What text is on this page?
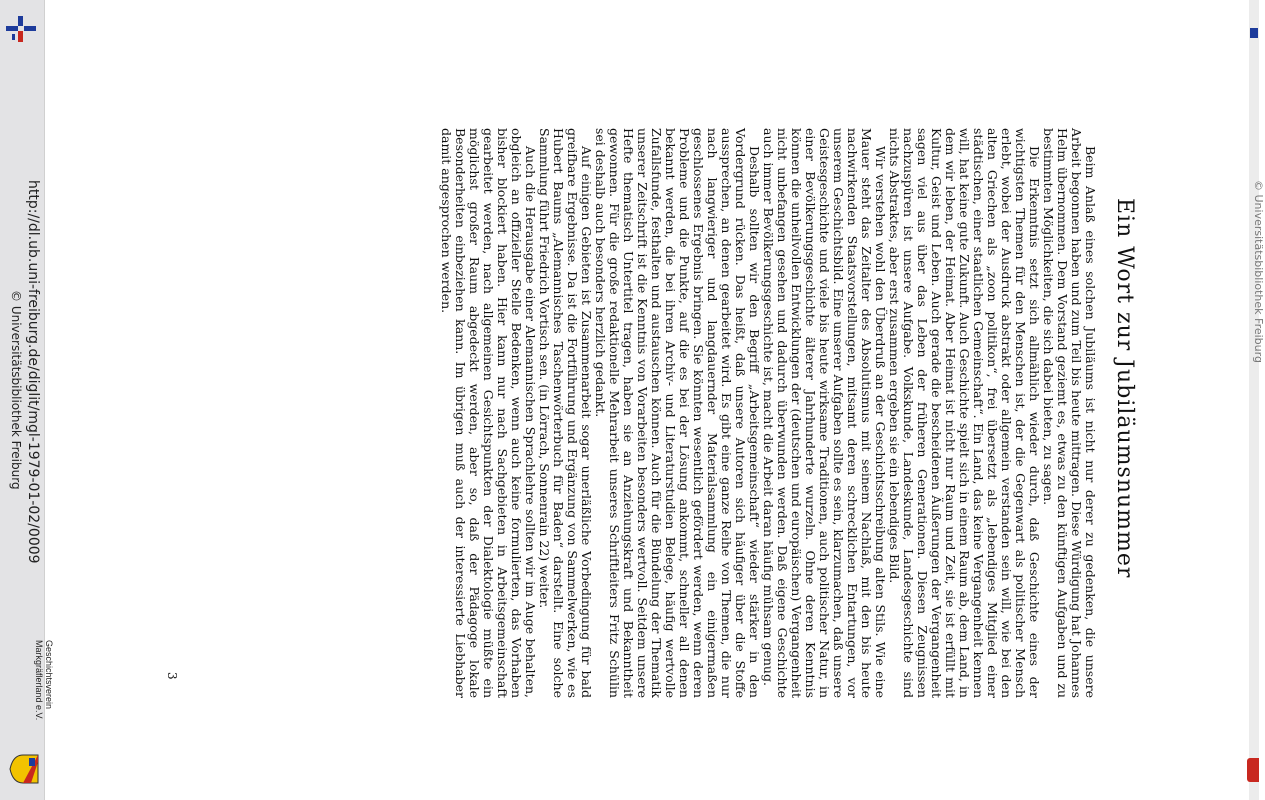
© Universitätsbibliothek Freiburg
Ein Wort zur Jubiläumsnummer

Beim Anlaß eines solchen Jubiläums ist nicht nur derer zu gedenken, die unsere Arbeit begonnen haben und zum Teil bis heute mittragen. Diese Würdigung hat Johannes Helm übernommen. Dem Vorstand geziemt es, etwas zu den künftigen Aufgaben und zu bestimmten Möglichkeiten, die sich dabei bieten, zu sagen.

Die Erkenntnis setzt sich allmählich wieder durch, daß Geschichte eines der wichtigsten Themen für den Menschen ist, der die Gegenwart als politischer Mensch erlebt, wobei der Ausdruck abstrakt oder allgemein verstanden sein will, wie bei den alten Griechen als „zoon politikon“, frei übersetzt als „lebendiges Mitglied einer städtischen, einer staatlichen Gemeinschaft“. Ein Land, das keine Vergangenheit kennen will, hat keine gute Zukunft. Auch Geschichte spielt sich in einem Raum ab, dem Land, in dem wir leben, der Heimat. Aber Heimat ist nicht nur Raum und Zeit, sie ist erfüllt mit Kultur, Geist und Leben. Auch gerade die bescheidenen Äußerungen der Vergangenheit sagen viel aus über das Leben der früheren Generationen. Diesen Zeugnissen nachzuspüren ist unsere Aufgabe. Volkskunde, Landeskunde, Landesgeschichte sind nichts Abstraktes, aber erst zusammen ergeben sie ein lebendiges Bild.

Wir verstehen wohl den Überdruß an der Geschichtsschreibung alten Stils. Wie eine Mauer steht das Zeitalter des Absolutismus mit seinem Nachlaß, mit den bis heute nachwirkenden Staatsvorstellungen, mitsamt deren schrecklichen Entartungen, vor unserem Geschichtsbild. Eine unserer Aufgaben sollte es sein, klarzumachen, daß unsere Geistesgeschichte und viele bis heute wirksame Traditionen, auch politischer Natur, in einer Bevölkerungsgeschichte älterer Jahrhunderte wurzeln. Ohne deren Kenntnis können die unheilvollen Entwicklungen der (deutschen und europäischen) Vergangenheit nicht unbefangen gesehen und dadurch überwunden werden. Daß eigene Geschichte auch immer Bevölkerungsgeschichte ist, macht die Arbeit daran häufig mühsam genug.

Deshalb sollten wir den Begriff „Arbeitsgemeinschaft“ wieder stärker in den Vordergrund rücken. Das heißt, daß unsere Autoren sich häufiger über die Stoffe aussprechen, an denen gearbeitet wird. Es gibt eine ganze Reihe von Themen, die nur nach langwieriger und langdauernder Materialsammlung ein einigermaßen geschlossenes Ergebnis bringen. Sie könnten wesentlich gefördert werden, wenn deren Probleme und die Punkte, auf die es bei der Lösung ankommt, schneller all denen bekannt werden, die bei ihren Archiv- und Literaturstudien Belege, häufig wertvolle Zufallsfunde, festhalten und austauschen können. Auch für die Bündelung der Thematik unserer Zeitschrift ist die Kenntnis von Vorarbeiten besonders wertvoll. Seitdem unsere Hefte thematisch Untertitel tragen, haben sie an Anziehungskraft und Bekanntheit gewonnen. Für die große redaktionelle Mehrarbeit unseres Schriftleiters Fritz Schülin sei deshalb auch besonders herzlich gedankt.

Auf einigen Gebieten ist Zusammenarbeit sogar unerläßliche Vorbedingung für bald greifbare Ergebnisse. Da ist die Fortführung und Ergänzung von Sammelwerken, wie es Hubert Baums „Alemannisches Taschenwörterbuch für Baden“ darstellt. Eine solche Sammlung führt Friedrich Vortisch sen. (in Lörrach, Sonnenrain 22) weiter.

Auch die Herausgabe einer Alemannischen Sprachlehre sollten wir im Auge behalten, obgleich an offizieller Stelle Bedenken, wenn auch keine formulierten, das Vorhaben bisher blockiert haben. Hier kann nur nach Sachgebieten in Arbeitsgemeinschaft gearbeitet werden, nach allgemeinen Gesichtspunkten der Dialektologie müßte ein möglichst großer Raum abgedeckt werden, aber so, daß der Pädagoge lokale Besonderheiten einbeziehen kann. Im übrigen muß auch der interessierte Liebhaber damit angesprochen werden.

3
http://dl.ub.uni-freiburg.de/diglit/mgl-1979-01-02/0009
© Universitätsbibliothek Freiburg
Geschichtsverein
Markgräflerland e.V.
